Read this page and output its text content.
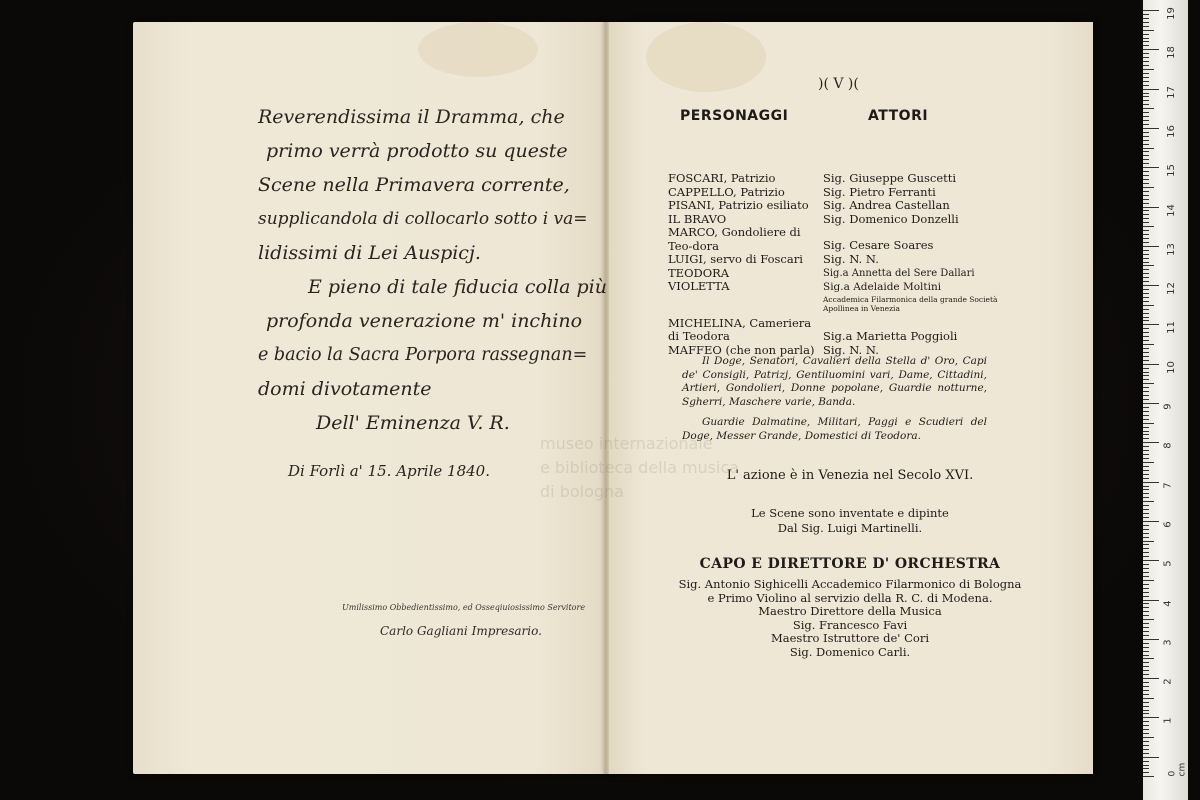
Reverendissima il Dramma, che
primo verrà prodotto su queste
Scene nella Primavera corrente,
supplicandola di collocarlo sotto i va=
lidissimi di Lei Auspicj.
E pieno di tale fiducia colla più
profonda venerazione m' inchino
e bacio la Sacra Porpora rassegnan=
domi divotamente
Dell' Eminenza V. R.
Di Forlì a' 15. Aprile 1840.
Umilissimo Obbedientissimo, ed Osseqiuiosissimo Servitore
Carlo Gagliani Impresario.
)( V )(
PERSONAGGI	ATTORI
FOSCARI, Patrizio	Sig. Giuseppe Guscetti
CAPPELLO, Patrizio	Sig. Pietro Ferranti
PISANI, Patrizio esiliato Sig. Andrea Castellan
IL BRAVO	Sig. Domenico Donzelli
MARCO, Gondoliere di Teo-dora	Sig. Cesare Soares
LUIGI, servo di Foscari Sig. N. N.
TEODORA	Sig.a Annetta del Sere Dallari
VIOLETTA	Sig.a Adelaide Moltini
Accademica Filarmonica della grande Società Apollinea in Venezia
MICHELINA, Cameriera di Teodora	Sig.a Marietta Poggioli
MAFFEO (che non parla) Sig. N. N.

Il Doge, Senatori, Cavalieri della Stella d' Oro, Capi de' Consigli, Patrizj, Gentiluomini vari, Dame, Cittadini, Artieri, Gondolieri, Donne popolane, Guardie notturne, Sgherri, Maschere varie, Banda.

Guardie Dalmatine, Militari, Paggi e Scudieri del Doge, Messer Grande, Domestici di Teodora.

museo internazionale
e biblioteca della musica
di bologna
L' azione è in Venezia nel Secolo XVI.
Le Scene sono inventate e dipinte
Dal Sig. Luigi Martinelli.
CAPO E DIRETTORE D' ORCHESTRA
Sig. Antonio Sighicelli Accademico Filarmonico di Bologna
e Primo Violino al servizio della R. C. di Modena.
Maestro Direttore della Musica
Sig. Francesco Favi
Maestro Istruttore de' Cori
Sig. Domenico Carli.
0 cm
19
18
17
16
15
14
13
12
11
10
9
8
7
6
5
4
3
2
1
